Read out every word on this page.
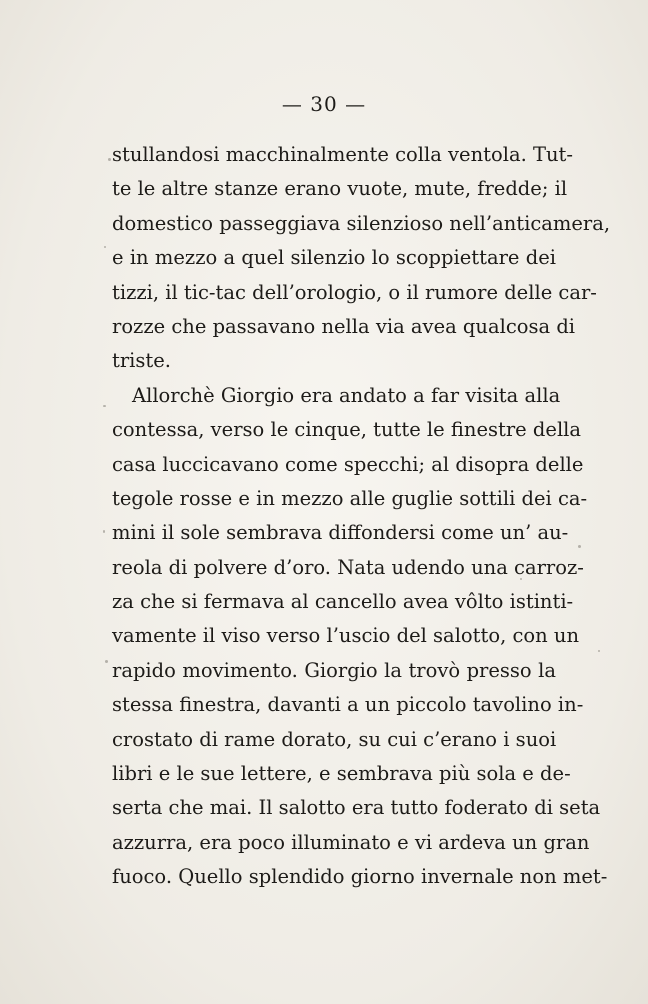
— 30 —
stullandosi macchinalmente colla ventola. Tut-
te le altre stanze erano vuote, mute, fredde; il
domestico passeggiava silenzioso nell’anticamera,
e in mezzo a quel silenzio lo scoppiettare dei
tizzi, il tic-tac dell’orologio, o il rumore delle car-
rozze che passavano nella via avea qualcosa di
triste.
Allorchè Giorgio era andato a far visita alla
contessa, verso le cinque, tutte le finestre della
casa luccicavano come specchi; al disopra delle
tegole rosse e in mezzo alle guglie sottili dei ca-
mini il sole sembrava diffondersi come un’ au-
reola di polvere d’oro. Nata udendo una carroz-
za che si fermava al cancello avea vôlto istinti-
vamente il viso verso l’uscio del salotto, con un
rapido movimento. Giorgio la trovò presso la
stessa finestra, davanti a un piccolo tavolino in-
crostato di rame dorato, su cui c’erano i suoi
libri e le sue lettere, e sembrava più sola e de-
serta che mai. Il salotto era tutto foderato di seta
azzurra, era poco illuminato e vi ardeva un gran
fuoco. Quello splendido giorno invernale non met-
